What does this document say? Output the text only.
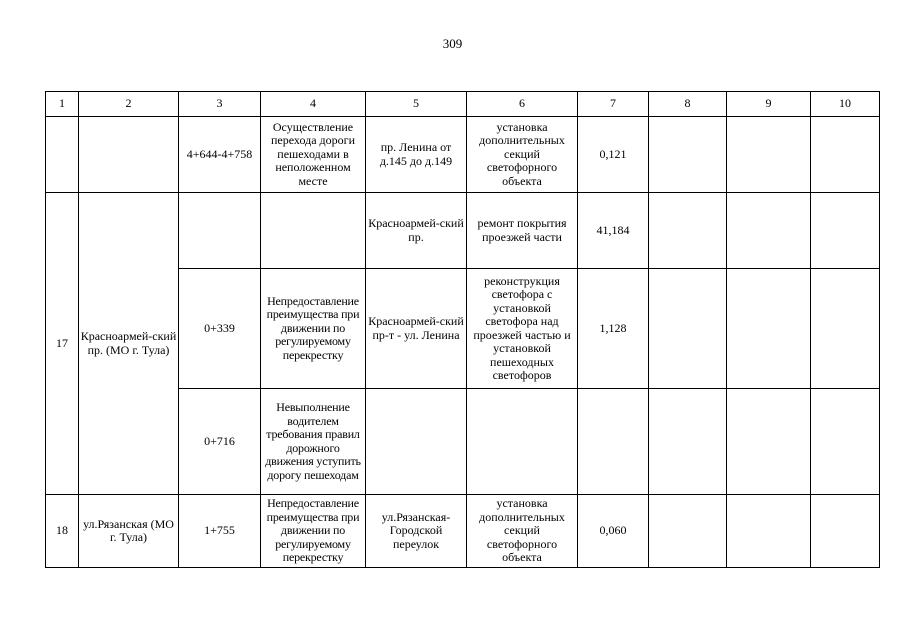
309
1	2	3	4	5	6	7	8	9	10
		4+644-4+758	Осуществление перехода дороги пешеходами в неположенном месте	пр. Ленина от д.145 до д.149	установка дополнительных секций светофорного объекта	0,121			
17	Красноармей-ский пр. (МО г. Тула)			Красноармей-ский пр.	ремонт покрытия проезжей части	41,184			
		0+339	Непредоставление преимущества при движении по регулируемому перекрестку	Красноармей-ский пр-т - ул. Ленина	реконструкция светофора с установкой светофора над проезжей частью и установкой пешеходных светофоров	1,128			
		0+716	Невыполнение водителем требования правил дорожного движения уступить дорогу пешеходам						
18	ул.Рязанская (МО г. Тула)	1+755	Непредоставление преимущества при движении по регулируемому перекрестку	ул.Рязанская-Городской переулок	установка дополнительных секций светофорного объекта	0,060			
